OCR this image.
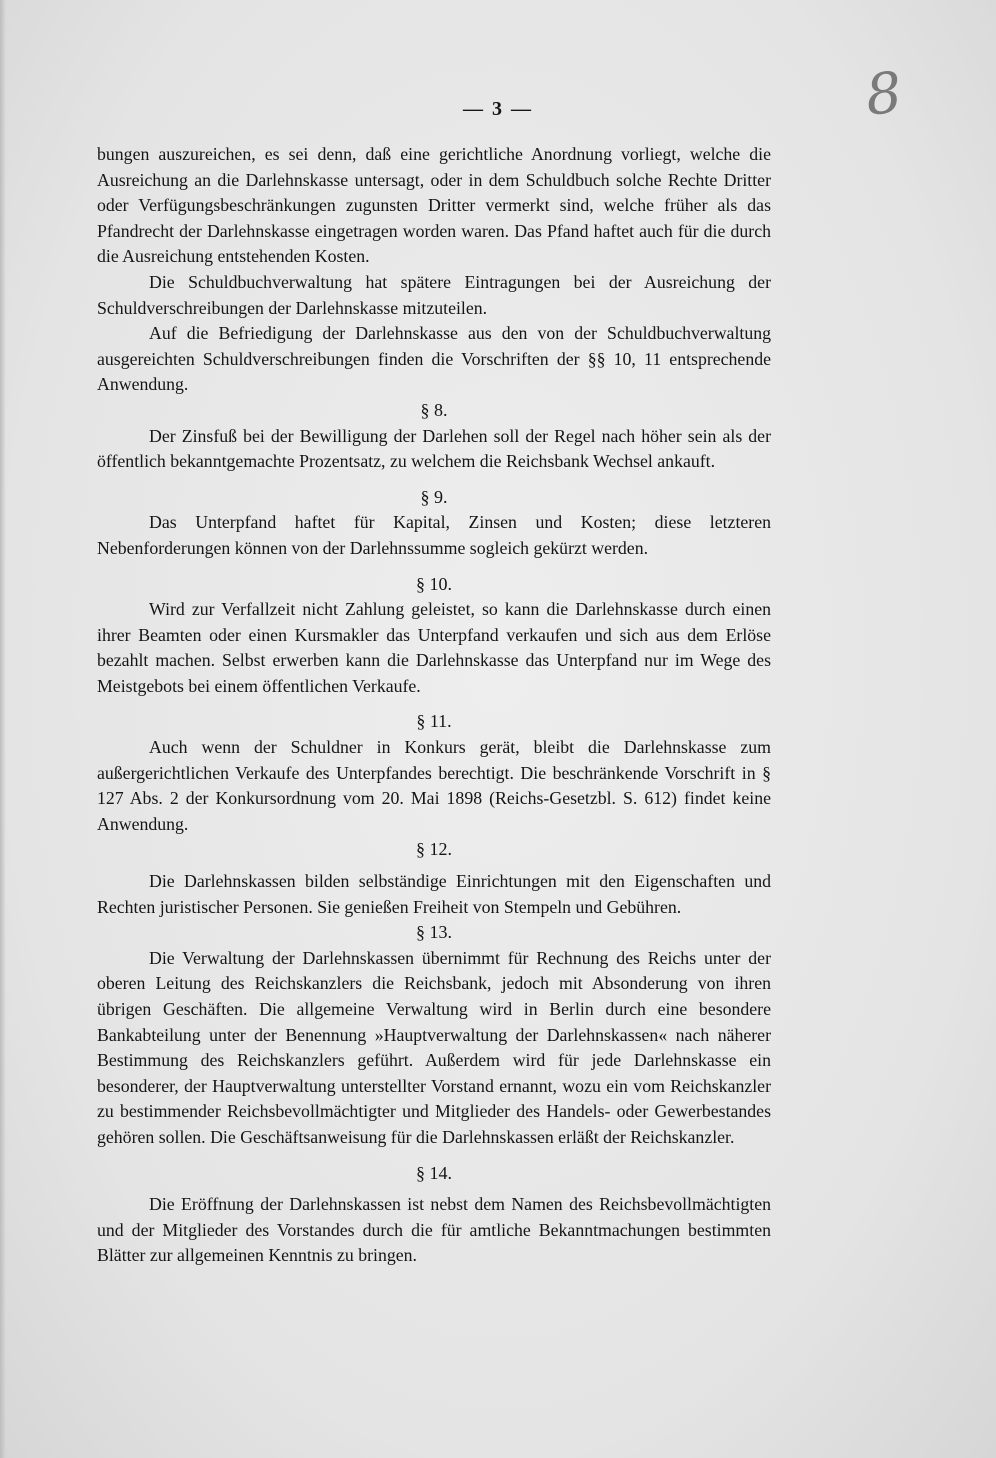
— 3 —	8

bungen auszureichen, es sei denn, daß eine gerichtliche Anordnung vorliegt, welche die Ausreichung an die Darlehnskasse untersagt, oder in dem Schuldbuch solche Rechte Dritter oder Verfügungsbeschränkungen zugunsten Dritter vermerkt sind, welche früher als das Pfandrecht der Darlehnskasse eingetragen worden waren. Das Pfand haftet auch für die durch die Ausreichung entstehenden Kosten.

Die Schuldbuchverwaltung hat spätere Eintragungen bei der Ausreichung der Schuldverschreibungen der Darlehnskasse mitzuteilen.

Auf die Befriedigung der Darlehnskasse aus den von der Schuldbuchverwaltung ausgereichten Schuldverschreibungen finden die Vorschriften der §§ 10, 11 entsprechende Anwendung.

§ 8.

Der Zinsfuß bei der Bewilligung der Darlehen soll der Regel nach höher sein als der öffentlich bekanntgemachte Prozentsatz, zu welchem die Reichsbank Wechsel ankauft.

§ 9.

Das Unterpfand haftet für Kapital, Zinsen und Kosten; diese letzteren Nebenforderungen können von der Darlehnssumme sogleich gekürzt werden.

§ 10.

Wird zur Verfallzeit nicht Zahlung geleistet, so kann die Darlehnskasse durch einen ihrer Beamten oder einen Kursmakler das Unterpfand verkaufen und sich aus dem Erlöse bezahlt machen. Selbst erwerben kann die Darlehnskasse das Unterpfand nur im Wege des Meistgebots bei einem öffentlichen Verkaufe.

§ 11.

Auch wenn der Schuldner in Konkurs gerät, bleibt die Darlehnskasse zum außergerichtlichen Verkaufe des Unterpfandes berechtigt. Die beschränkende Vorschrift in § 127 Abs. 2 der Konkursordnung vom 20. Mai 1898 (Reichs-Gesetzbl. S. 612) findet keine Anwendung.

§ 12.

Die Darlehnskassen bilden selbständige Einrichtungen mit den Eigenschaften und Rechten juristischer Personen. Sie genießen Freiheit von Stempeln und Gebühren.

§ 13.

Die Verwaltung der Darlehnskassen übernimmt für Rechnung des Reichs unter der oberen Leitung des Reichskanzlers die Reichsbank, jedoch mit Absonderung von ihren übrigen Geschäften. Die allgemeine Verwaltung wird in Berlin durch eine besondere Bankabteilung unter der Benennung »Hauptverwaltung der Darlehnskassen« nach näherer Bestimmung des Reichskanzlers geführt. Außerdem wird für jede Darlehnskasse ein besonderer, der Hauptverwaltung unterstellter Vorstand ernannt, wozu ein vom Reichskanzler zu bestimmender Reichsbevollmächtigter und Mitglieder des Handels- oder Gewerbestandes gehören sollen. Die Geschäftsanweisung für die Darlehnskassen erläßt der Reichskanzler.

§ 14.

Die Eröffnung der Darlehnskassen ist nebst dem Namen des Reichsbevollmächtigten und der Mitglieder des Vorstandes durch die für amtliche Bekanntmachungen bestimmten Blätter zur allgemeinen Kenntnis zu bringen.
